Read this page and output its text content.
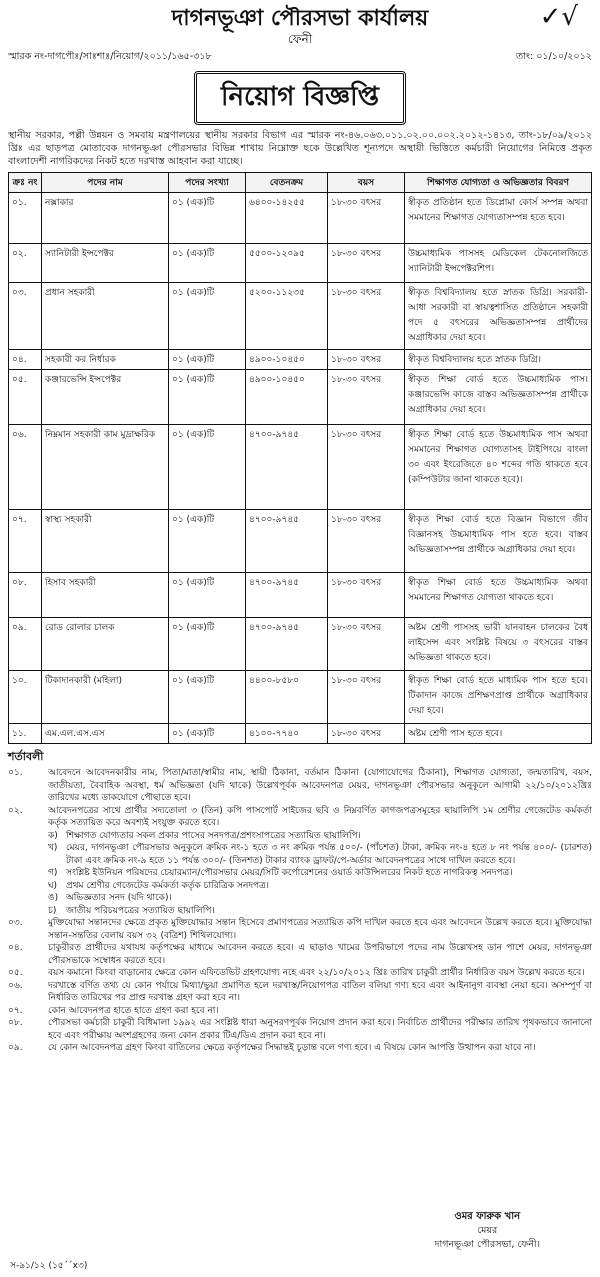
✓√
দাগনভূঞা পৌরসভা কার্যালয়
ফেনী
স্মারক নং-দাগপৌঃ/সাঃশাঃ/নিয়োগ/২০১১/১৬৫-৩১৮	তাং: ০১/১০/২০১২
নিয়োগ বিজ্ঞপ্তি
স্থানীয় সরকার, পল্লী উন্নয়ন ও সমবায় মন্ত্রণালয়ের স্থানীয় সরকার বিভাগ এর স্মারক নং-৪৬.০৬৩.০১১.০২.০০.০০২.২০১২-১৪১৩, তাং-১৮/০৯/২০১২ খ্রিঃ এর ছাড়পত্র মোতাবেক দাগনভূঞা পৌরসভার বিভিন্ন শাখায় নিম্নোক্ত ছকে উল্লেখিত শূন্যপদে অস্থায়ী ভিত্তিতে কর্মচারী নিয়োগের নিমিত্তে প্রকৃত বাংলাদেশী নাগরিকদের নিকট হতে দরখাস্ত আহবান করা যাচ্ছে।
ক্রঃ নং	পদের নাম	পদের সংখ্যা	বেতনক্রম	বয়স	শিক্ষাগত যোগ্যতা ও অভিজ্ঞতার বিবরণ
০১.	নক্সাকার	০১ (এক)টি	৬৪০০-১৪২৫৫	১৮-৩০ বৎসর	স্বীকৃত প্রতিষ্ঠান হতে ডিপ্লোমা কোর্স সম্পন্ন অথবা সমমানের শিক্ষাগত যোগ্যতাসম্পন্ন হতে হবে।
০২.	স্যানিটারী ইন্সপেক্টর	০১ (এক)টি	৫৫০০-১২০৯৫	১৮-৩০ বৎসর	উচ্চমাধ্যমিক পাসসহ মেডিকেল টেকনোলজিতে স্যানিটারী ইন্সপেক্টরশিপ।
০৩.	প্রধান সহকারী	০১ (এক)টি	৫২০০-১১২৩৫	১৮-৩০ বৎসর	স্বীকৃত বিশ্ববিদ্যালয় হতে স্নাতক ডিগ্রি। সরকারী-আধা সরকারী বা স্বায়ত্বশাসিত প্রতিষ্ঠানে সহকারী পদে ৫ বৎসরের অভিজ্ঞতাসম্পন্ন প্রার্থীদের অগ্রাধিকার দেয়া হবে।
০৪.	সহকারী কর নির্ধারক	০১ (এক)টি	৪৯০০-১০৪৫০	১৮-৩০ বৎসর	স্বীকৃত বিশ্ববিদ্যালয় হতে স্নাতক ডিগ্রি।
০৫.	কঞ্জারভেন্সি ইন্সপেক্টর	০১ (এক)টি	৪৯০০-১০৪৫০	১৮-৩০ বৎসর	স্বীকৃত শিক্ষা বোর্ড হতে উচ্চমাধ্যমিক পাস। কঞ্জারভেন্সি কাজে বাস্তব অভিজ্ঞতাসম্পন্ন প্রার্থীকে অগ্রাধিকার দেয়া হবে।
০৬.	নিম্নমান সহকারী কাম মুদ্রাক্ষরিক	০১ (এক)টি	৪৭০০-৯৭৪৫	১৮-৩০ বৎসর	স্বীকৃত শিক্ষা বোর্ড হতে উচ্চমাধ্যমিক পাস অথবা সমমানের শিক্ষাগত যোগ্যতাসহ টাইপিংয়ে বাংলা ৩০ এবং ইংরেজিতে ৪০ শব্দের গতি থাকতে হবে (কম্পিউটার জানা থাকতে হবে)।
০৭.	স্বাস্থ্য সহকারী	০১ (এক)টি	৪৭০০-৯৭৪৫	১৮-৩০ বৎসর	স্বীকৃত শিক্ষা বোর্ড হতে বিজ্ঞান বিভাগে জীব বিজ্ঞানসহ উচ্চমাধ্যমিক পাস হতে হবে। বাস্তব অভিজ্ঞতাসম্পন্ন প্রার্থীকে অগ্রাধিকার দেয়া হবে।
০৮.	হিসাব সহকারী	০১ (এক)টি	৪৭০০-৯৭৪৫	১৮-৩০ বৎসর	স্বীকৃত শিক্ষা বোর্ড হতে উচ্চমাধ্যমিক অথবা সমমানের শিক্ষাগত যোগ্যতা থাকতে হবে।
০৯.	রোড রোলার চালক	০১ (এক)টি	৪৭০০-৯৭৪৫	১৮-৩০ বৎসর	অষ্টম শ্রেণী পাসসহ ভারী যানবাহন চালকের বৈধ লাইসেন্স এবং সংশ্লিষ্ট বিষয়ে ৩ বৎসরের বাস্তব অভিজ্ঞতা থাকতে হবে।
১০.	টিকাদানকারী (মহিলা)	০১ (এক)টি	৪৪০০-৮৫৮০	১৮-৩০ বৎসর	স্বীকৃত শিক্ষা বোর্ড হতে মাধ্যমিক পাস হতে হবে। টিকাদান কাজে প্রশিক্ষণপ্রাপ্ত প্রার্থীকে অগ্রাধিকার দেয়া হবে।
১১.	এম.এল.এস.এস	০১ (এক)টি	৪১০০-৭৭৪০	১৮-৩০ বৎসর	অষ্টম শ্রেণী পাস হতে হবে।
শর্তাবলী
০১.	আবেদনে আবেদনকারীর নাম, পিতা/মাতা/স্বামীর নাম, স্থায়ী ঠিকানা, বর্তমান ঠিকানা (যোগাযোগের ঠিকানা), শিক্ষাগত যোগ্যতা, জন্মতারিখ, বয়স, জাতীয়তা, বৈবাহিক অবস্থা, ধর্ম অভিজ্ঞতা (যদি থাকে) উল্লেখপূর্বক আবেদনপত্র মেয়র, দাগনভূঞা পৌরসভার অনুকূলে আগামী ২২/১০/২০১২খ্রিঃ তারিখের মধ্যে ডাকযোগে পৌছাতে হবে।
০২.	আবেদনপত্রের সাথে প্রার্থীর সদ্যতোলা ৩ (তিন) কপি পাসপোর্ট সাইজের ছবি ও নিম্নবর্ণিত কাগজপত্রসমূহের ছায়ালিপি ১ম শ্রেণীর গেজেটেড কর্মকর্তা কর্তৃক সত্যায়িত করে অবশ্যই সংযুক্ত করতে হবে।
ক) শিক্ষাগত যোগ্যতার সকল প্রকার পাসের সনদপত্র/প্রশংসাপত্রের সত্যায়িত ছায়ালিপি।
খ) মেয়র, দাগনভূঞা পৌরসভার অনুকূলে ক্রমিক নং-১ হতে ৩ নং ক্রমিক পর্যন্ত ৫০০/- (পাঁচশত) টাকা, ক্রমিক নং-৪ হতে ৮ নং পর্যন্ত ৪০০/- (চারশত) টাকা এবং ক্রমিক নং-৯ হতে ১১ পর্যন্ত ৩০০/- (তিনশত) টাকার ব্যাংক ড্রাফট/পে-অর্ডার আবেদনপত্রের সাথে দাখিল করতে হবে।
গ) সংশ্লিষ্ট ইউনিয়ন পরিষদের চেয়ারম্যান/পৌরসভার মেয়র/সিটি কর্পোরেশনের ওয়ার্ড কাউন্সিলরের নিকট হতে নাগরিকত্ব সনদপত্র।
ঘ) প্রথম শ্রেণীর গেজেটেড কর্মকর্তা কর্তৃক চারিত্রিক সনদপত্র।
ঙ) অভিজ্ঞতার সনদ (যদি থাকে)।
চ)	জাতীয় পরিচয়পত্রের সত্যায়িত ছায়ালিপি।
০৩.	মুক্তিযোদ্ধা সন্তানদের ক্ষেত্রে প্রকৃত মুক্তিযোদ্ধার সন্তান হিসেবে প্রমাণপত্রের সত্যায়িত কপি দাখিল করতে হবে এবং আবেদনে উল্লেখ করতে হবে। মুক্তিযোদ্ধা সন্তান-সন্ততির বেলায় বয়স ৩২ (বত্রিশ) শিথিলযোগ্য।
০৪.	চাকুরীরত প্রার্থীদের যথাযথ কর্তৃপক্ষের মাধ্যমে আবেদন করতে হবে। এ ছাড়াও খামের উপরিভাগে পদের নাম উল্লেখসহ ডান পাশে মেয়র, দাগনভূঞা পৌরসভাকে সম্বোধন করতে হবে।
০৫.	বয়স কমানো কিংবা বাড়ানোর ক্ষেত্রে কোন এফিডেভিট গ্রহণযোগ্য নহে এবং ২২/১০/২০১২ খ্রিঃ তারিখ চাকুরী প্রার্থীর নির্ধারিত বয়স উল্লেখ করতে হবে।
০৬.	দরখাস্তে বর্ণিত তথ্য যে কোন পর্যায়ে মিথ্যা/ভুয়া প্রমাণিত হলে দরখাস্ত/নিয়োগপত্র বাতিল বলিয়া গণ্য হবে এবং আইনানুগ ব্যবস্থা নেয়া হবে। অসম্পূর্ণ বা নির্ধারিত তারিখের পর প্রাপ্ত দরখাস্ত গ্রহণ করা হবে না।
০৭.	কোন আবেদনপত্র হাতে হাতে গ্রহণ করা হবে না।
০৮.	পৌরসভা কর্মচারী চাকুরী বিধিমালা ১৯৯২ এর সংশ্লিষ্ট ধারা অনুসরণপূর্বক নিয়োগ প্রদান করা হবে। নির্বাচিত প্রার্থীদের পরীক্ষার তারিখ পৃথকভাবে জানানো হবে এবং পরীক্ষায় অংশগ্রহণের জন্য কোন প্রকার টিএ/ডিএ প্রদান করা হবে না।
০৯.	যে কোন আবেদনপত্র গ্রহণ কিংবা বাতিলের ক্ষেত্রে কর্তৃপক্ষের সিদ্ধান্তই চূড়ান্ত বলে গণ্য হবে। এ বিষয়ে কোন আপত্তি উত্থাপন করা যাবে না।
ওমর ফারুক খান
মেয়র
দাগনভূঞা পৌরসভা, ফেনী।
স-৯১/১২ (১৫´´x৩)
